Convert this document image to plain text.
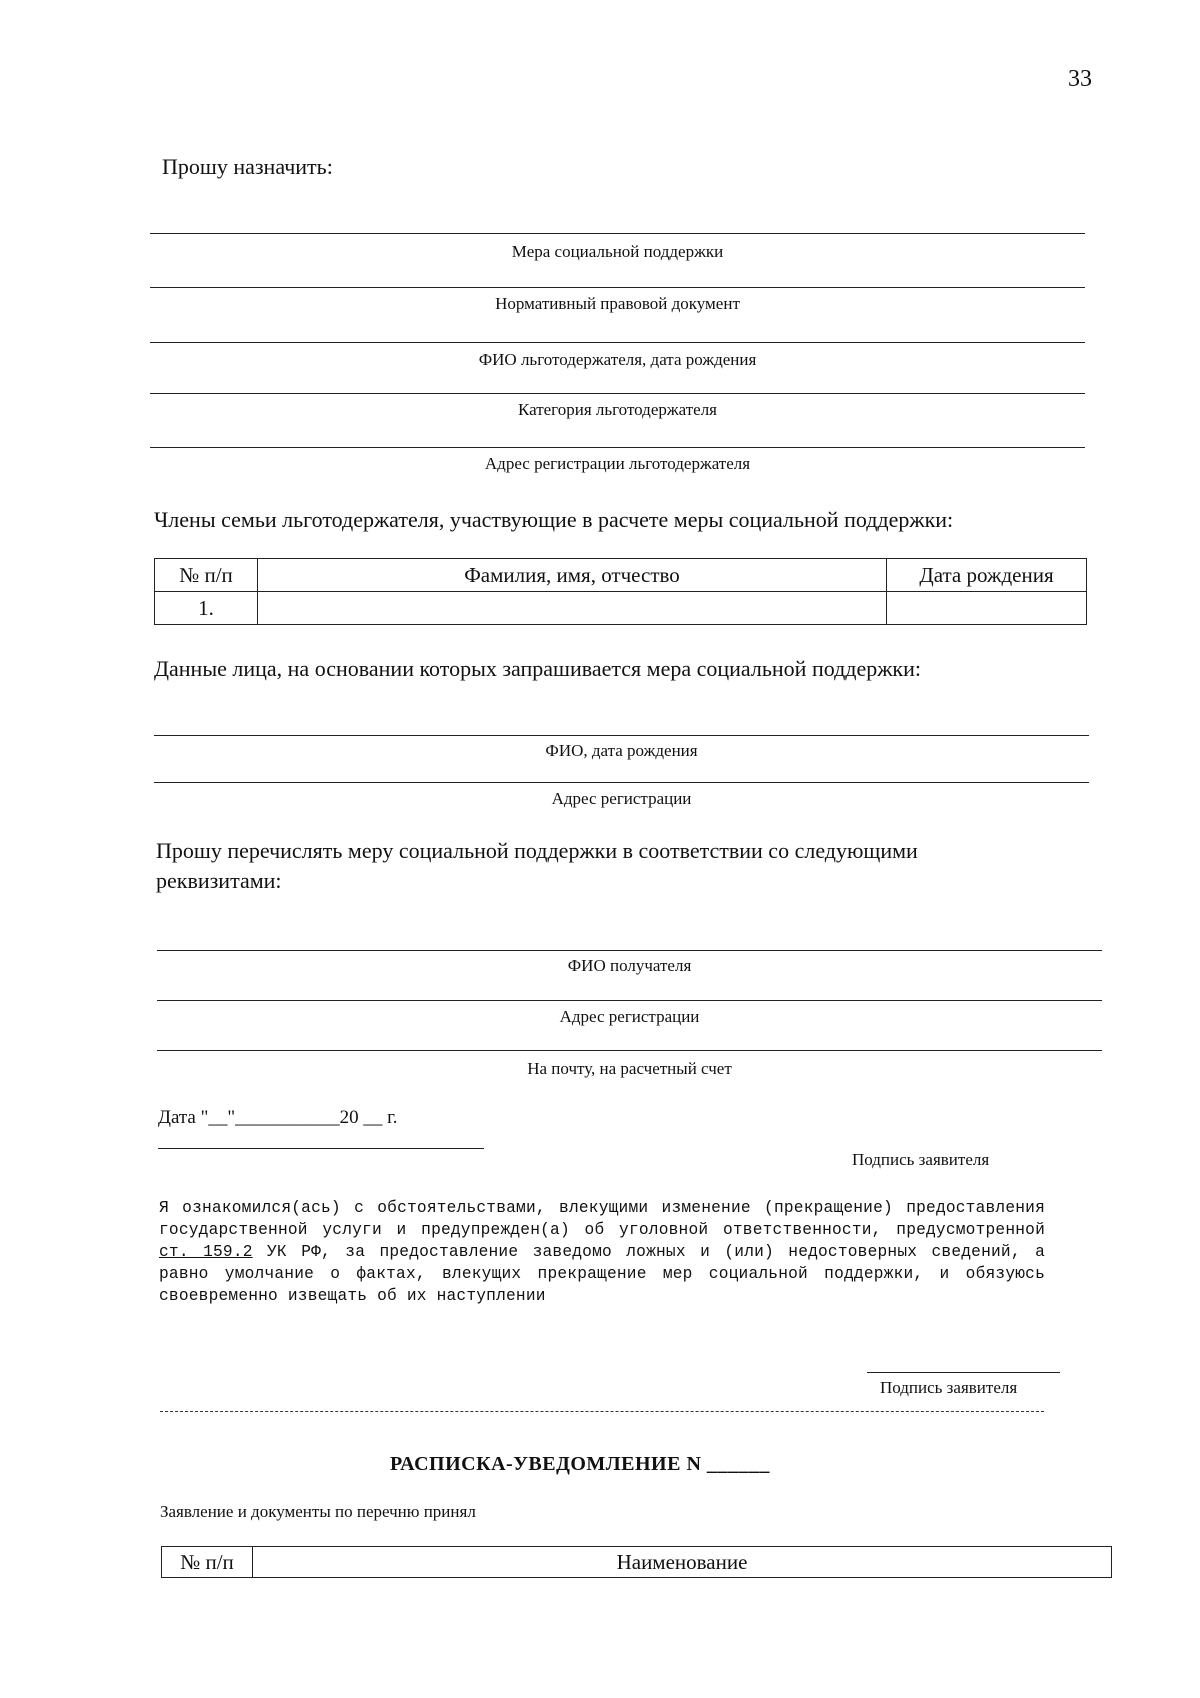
33
Прошу назначить:
Мера социальной поддержки
Нормативный правовой документ
ФИО льготодержателя, дата рождения
Категория льготодержателя
Адрес регистрации льготодержателя
Члены семьи льготодержателя, участвующие в расчете меры социальной поддержки:
№ п/п	Фамилия, имя, отчество	Дата рождения
1.		
Данные лица, на основании которых запрашивается мера социальной поддержки:
ФИО, дата рождения
Адрес регистрации
Прошу перечислять меру социальной поддержки в соответствии со следующими реквизитами:
ФИО получателя
Адрес регистрации
На почту, на расчетный счет
Дата "__"___________20 __ г.
Подпись заявителя
Я ознакомился(ась) с обстоятельствами, влекущими изменение (прекращение) предоставления государственной услуги и предупрежден(а) об уголовной ответственности, предусмотренной ст. 159.2 УК РФ, за предоставление заведомо ложных и (или) недостоверных сведений, а равно умолчание о фактах, влекущих прекращение мер социальной поддержки, и обязуюсь своевременно извещать об их наступлении
Подпись заявителя
РАСПИСКА-УВЕДОМЛЕНИЕ N ______
Заявление и документы по перечню принял
№ п/п	Наименование
